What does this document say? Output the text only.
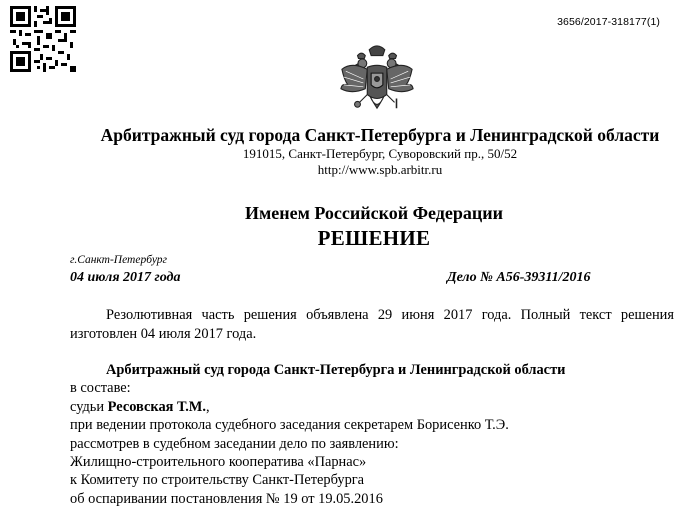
3656/2017-318177(1)
Арбитражный суд города Санкт-Петербурга и Ленинградской области
191015, Санкт-Петербург, Суворовский пр., 50/52
http://www.spb.arbitr.ru
Именем Российской Федерации
РЕШЕНИЕ
г.Санкт-Петербург
04 июля 2017 года	Дело № А56-39311/2016
Резолютивная часть решения объявлена 29 июня 2017 года. Полный текст решения изготовлен 04 июля 2017 года.
Арбитражный суд города Санкт-Петербурга и Ленинградской области
в составе:
судьи Ресовская Т.М.,
при ведении протокола судебного заседания секретарем Борисенко Т.Э.
рассмотрев в судебном заседании дело по заявлению:
Жилищно-строительного кооператива «Парнас»
к Комитету по строительству Санкт-Петербурга
об оспаривании постановления № 19 от 19.05.2016
